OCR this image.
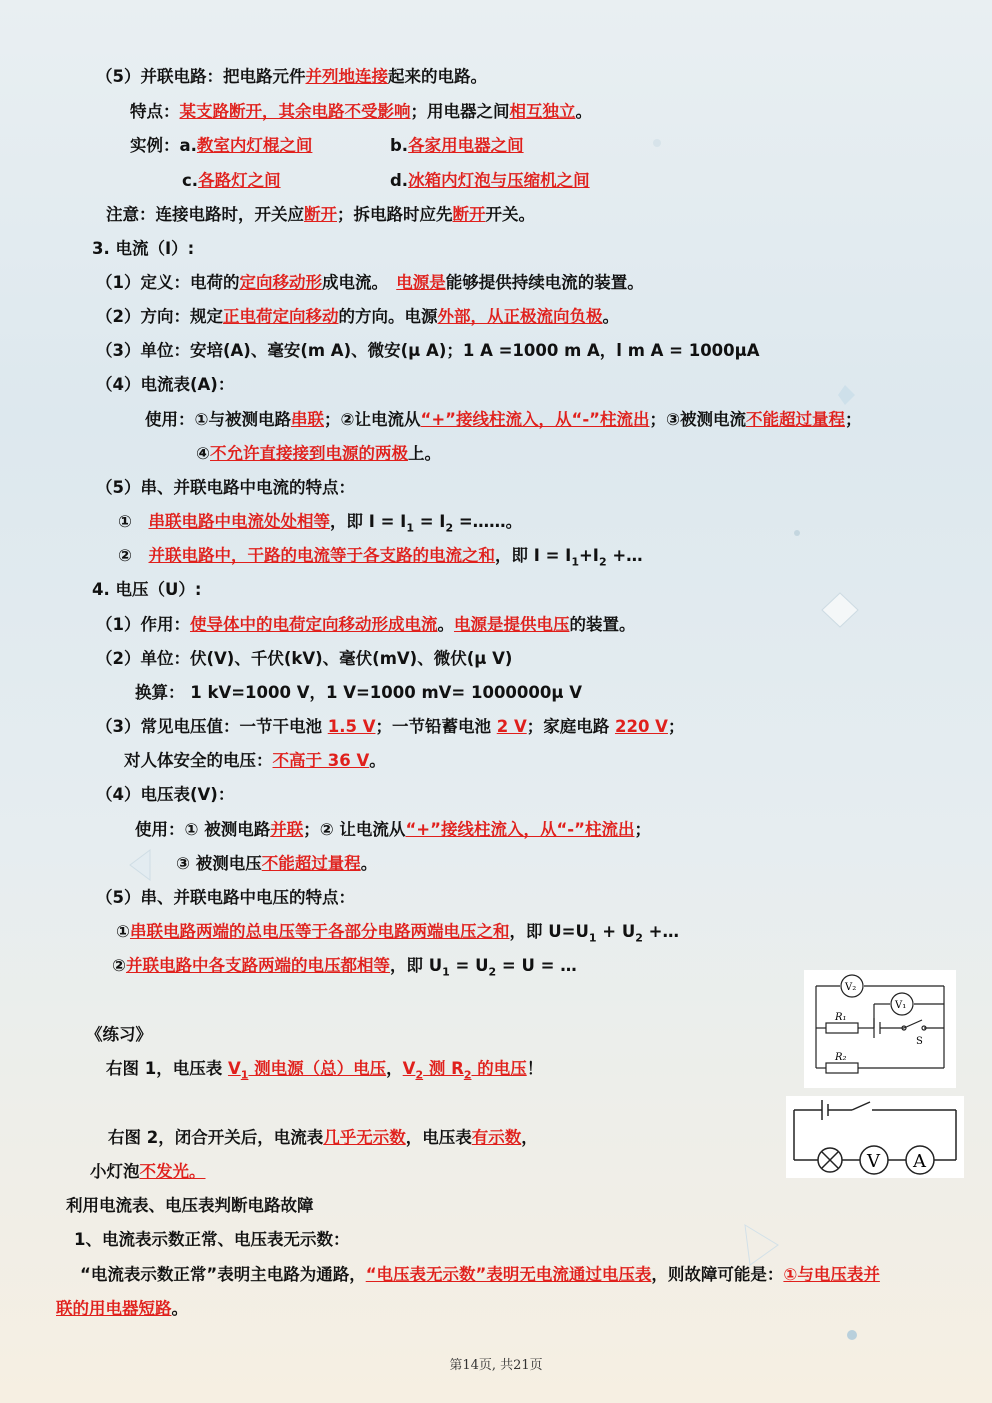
（5）并联电路：把电路元件并列地连接起来的电路。
特点：某支路断开，其余电路不受影响；用电器之间相互独立。
实例：a.教室内灯棍之间	b.各家用电器之间
c.各路灯之间	d.冰箱内灯泡与压缩机之间
注意：连接电路时，开关应断开；拆电路时应先断开开关。
3. 电流（I）:
（1）定义：电荷的定向移动形成电流。　 电源是能够提供持续电流的装置。
（2）方向：规定正电荷定向移动的方向。电源外部，从正极流向负极。
（3）单位：安培(A)、毫安(m A)、微安(μ A)；1 A =1000 m A，l m A = 1000μA
（4）电流表(A)：
使用：①与被测电路串联；②让电流从“+”接线柱流入，从“-”柱流出；③被测电流不能超过量程；
④不允许直接接到电源的两极上。
（5）串、并联电路中电流的特点：
①　 串联电路中电流处处相等，即 $I = I_1 = I_2$ =……。
②　 并联电路中，干路的电流等于各支路的电流之和，即 $I = I_1+I_2$ +…
4. 电压（U）:
（1）作用：使导体中的电荷定向移动形成电流。电源是提供电压的装置。
（2）单位：伏(V)、千伏(kV)、毫伏(mV)、微伏(μ V)
换算： 1 kV=1000 V，1 V=1000 mV= 1000000μ V
（3）常见电压值：一节干电池 1.5 V；一节铅蓄电池 2 V；家庭电路 220 V；
对人体安全的电压：不高于 36 V。
（4）电压表(V)：
使用：① 被测电路并联；② 让电流从“+”接线柱流入，从“-”柱流出；
③ 被测电压不能超过量程。
（5）串、并联电路中电压的特点：
①串联电路两端的总电压等于各部分电路两端电压之和，即 $U=U_1 + U_2$ +…
②并联电路中各支路两端的电压都相等，即 $U_1 = U_2 = U$ = …
《练习》
右图 1，电压表 $V_1$ 测电源（总）电压，$V_2$ 测 $R_2$ 的电压！
右图 2，闭合开关后，电流表几乎无示数，电压表有示数，
小灯泡不发光。
利用电流表、电压表判断电路故障
1、电流表示数正常、电压表无示数：
“电流表示数正常”表明主电路为通路，“电压表无示数”表明无电流通过电压表，则故障可能是：①与电压表并
联的用电器短路。
V₂
V₁
R₁
S
R₂
V A
第14页, 共21页
